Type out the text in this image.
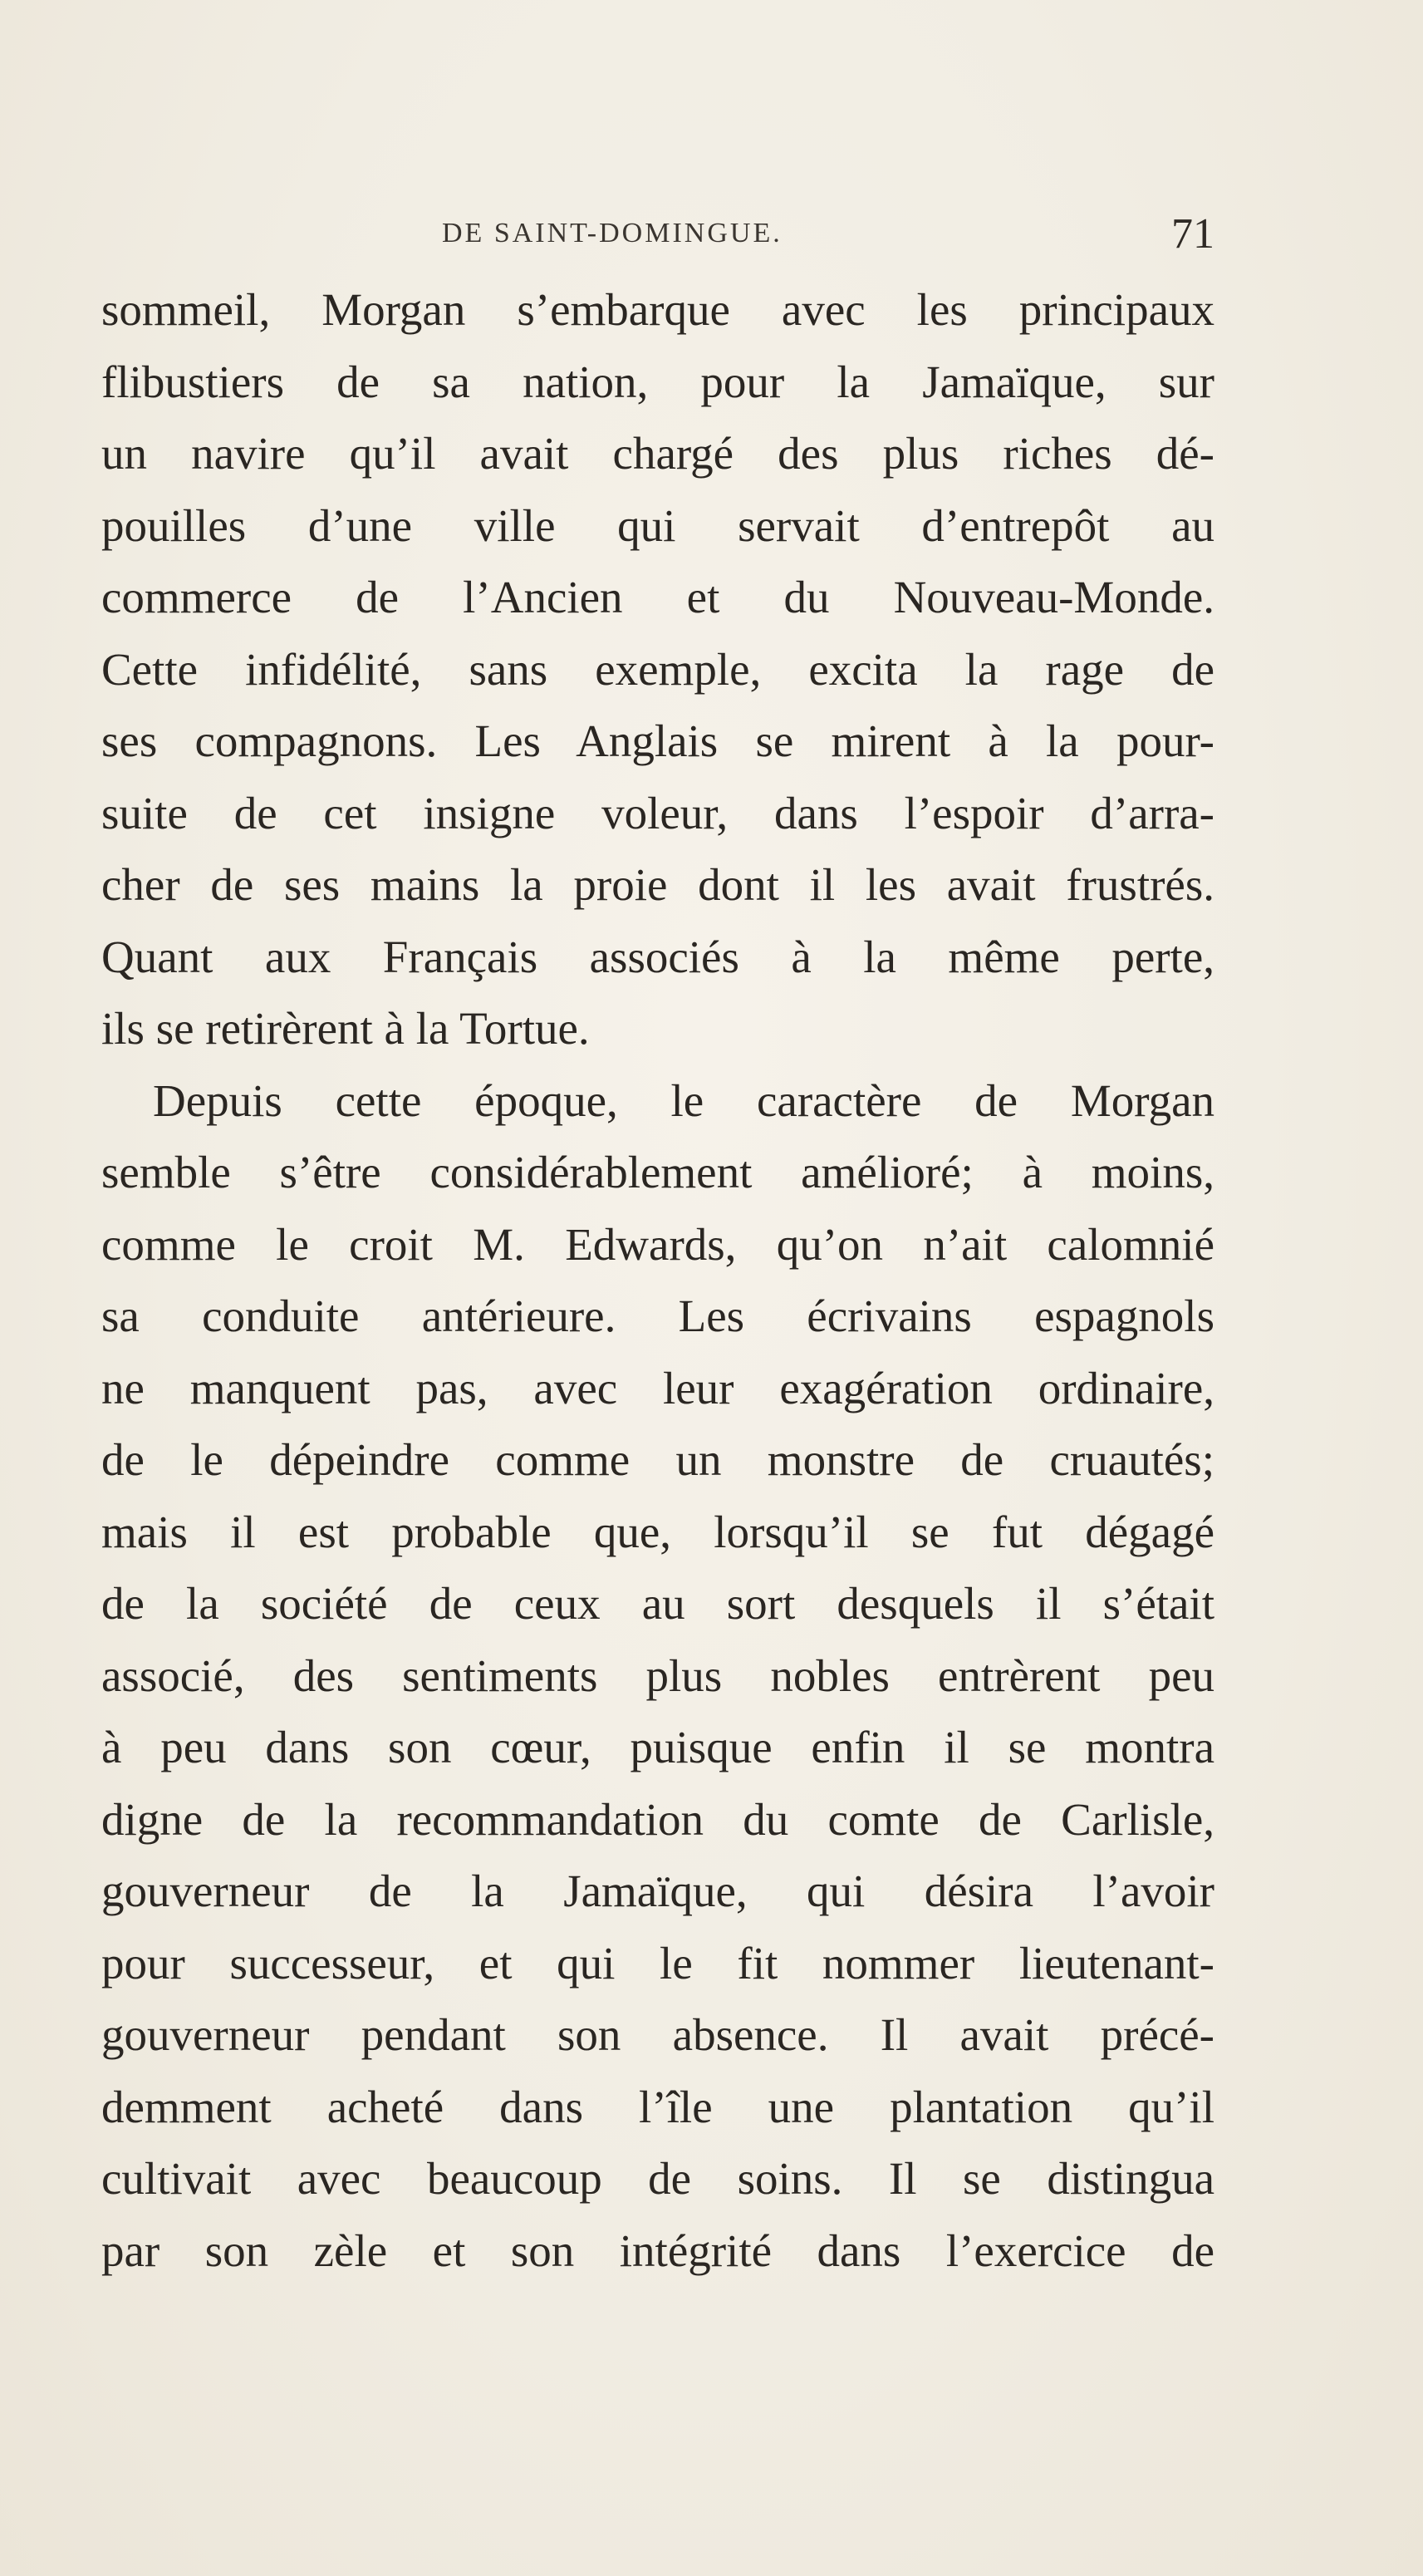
DE SAINT-DOMINGUE.	71
sommeil, Morgan s’embarque avec les principaux
flibustiers de sa nation, pour la Jamaïque, sur
un navire qu’il avait chargé des plus riches dé-
pouilles d’une ville qui servait d’entrepôt au
commerce de l’Ancien et du Nouveau-Monde.
Cette infidélité, sans exemple, excita la rage de
ses compagnons. Les Anglais se mirent à la pour-
suite de cet insigne voleur, dans l’espoir d’arra-
cher de ses mains la proie dont il les avait frustrés.
Quant aux Français associés à la même perte,
ils se retirèrent à la Tortue.
Depuis cette époque, le caractère de Morgan
semble s’être considérablement amélioré; à moins,
comme le croit M. Edwards, qu’on n’ait calomnié
sa conduite antérieure. Les écrivains espagnols
ne manquent pas, avec leur exagération ordinaire,
de le dépeindre comme un monstre de cruautés;
mais il est probable que, lorsqu’il se fut dégagé
de la société de ceux au sort desquels il s’était
associé, des sentiments plus nobles entrèrent peu
à peu dans son cœur, puisque enfin il se montra
digne de la recommandation du comte de Carlisle,
gouverneur de la Jamaïque, qui désira l’avoir
pour successeur, et qui le fit nommer lieutenant-
gouverneur pendant son absence. Il avait précé-
demment acheté dans l’île une plantation qu’il
cultivait avec beaucoup de soins. Il se distingua
par son zèle et son intégrité dans l’exercice de
